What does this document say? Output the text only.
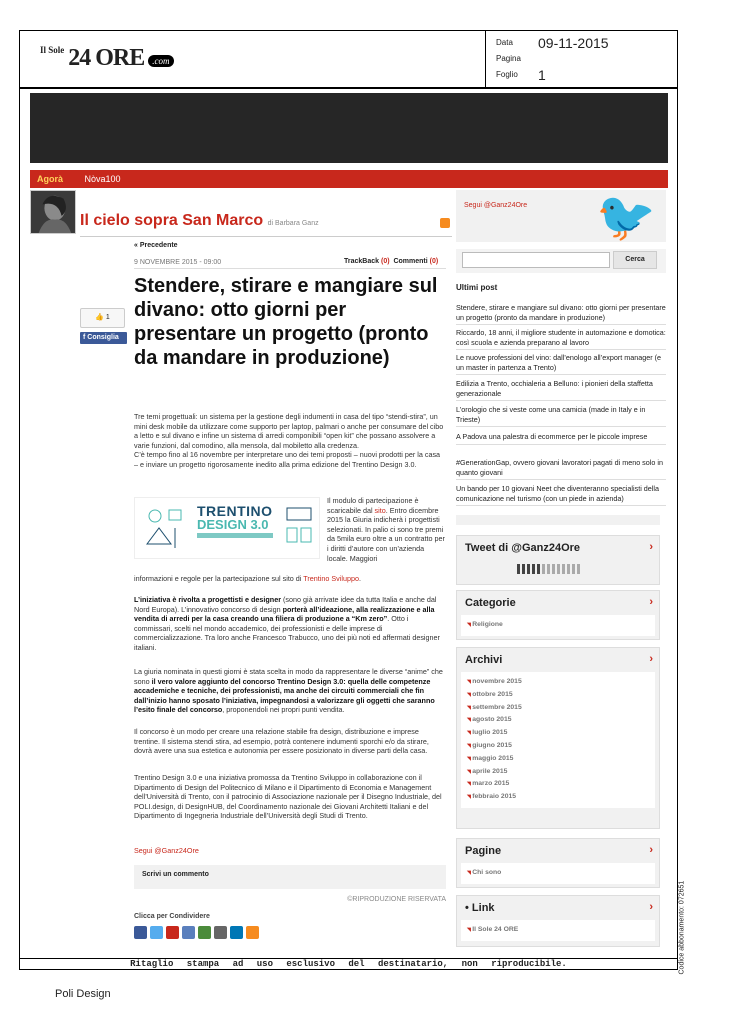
$^{Il Sole}$ 24 ORE .com
Data 09-11-2015
Pagina
Foglio 1
Agorà Nòva100
Il cielo sopra San Marco di Barbara Ganz
« Precedente
9 NOVEMBRE 2015 - 09:00	TrackBack (0) Commenti (0)
👍 1
f Consiglia
Stendere, stirare e mangiare sul divano: otto giorni per presentare un progetto (pronto da mandare in produzione)
Tre temi progettuali: un sistema per la gestione degli indumenti in casa del tipo “stendi-stira”, un mini desk mobile da utilizzare come supporto per laptop, palmari o anche per consumare del cibo a letto e sul divano e infine un sistema di arredi componibili “open kit” che possano assolvere a varie funzioni, dal comodino, alla mensola, dal mobiletto alla credenza.
C’è tempo fino al 16 novembre per interpretare uno dei temi proposti – nuovi prodotti per la casa – e inviare un progetto rigorosamente inedito alla prima edizione del Trentino Design 3.0.
TRENTINO
DESIGN 3.0
Il modulo di partecipazione è scaricabile dal sito. Entro dicembre 2015 la Giuria indicherà i progettisti selezionati. In palio ci sono tre premi da 5mila euro oltre a un contratto per i diritti d’autore con un’azienda locale. Maggiori
informazioni e regole per la partecipazione sul sito di Trentino Sviluppo.
L’iniziativa è rivolta a progettisti e designer (sono già arrivate idee da tutta Italia e anche dal Nord Europa). L’innovativo concorso di design porterà all’ideazione, alla realizzazione e alla vendita di arredi per la casa creando una filiera di produzione a “Km zero”. Otto i commissari, scelti nel mondo accademico, dei professionisti e delle imprese di commercializzazione. Tra loro anche Francesco Trabucco, uno dei più noti ed affermati designer italiani.
La giuria nominata in questi giorni è stata scelta in modo da rappresentare le diverse “anime” che sono il vero valore aggiunto del concorso Trentino Design 3.0: quella delle competenze accademiche e tecniche, dei professionisti, ma anche dei circuiti commerciali che fin dall’inizio hanno sposato l’iniziativa, impegnandosi a valorizzare gli oggetti che saranno l’esito finale del concorso, proponendoli nei propri punti vendita.
Il concorso è un modo per creare una relazione stabile fra design, distribuzione e imprese trentine. Il sistema stendi stira, ad esempio, potrà contenere indumenti sporchi e/o da stirare, dovrà avere una sua estetica e autonomia per essere posizionato in diverse parti della casa.
Trentino Design 3.0 e una iniziativa promossa da Trentino Sviluppo in collaborazione con il Dipartimento di Design del Politecnico di Milano e il Dipartimento di Economia e Management dell’Università di Trento, con il patrocinio di Associazione nazionale per il Disegno Industriale, del POLI.design, di DesignHUB, del Coordinamento nazionale dei Giovani Architetti Italiani e del Dipartimento di Ingegneria Industriale dell’Università degli Studi di Trento.
Segui @Ganz24Ore
Scrivi un commento
©RIPRODUZIONE RISERVATA
Clicca per Condividere
Segui @Ganz24Ore 🐦
Cerca
Ultimi post
Stendere, stirare e mangiare sul divano: otto giorni per presentare un progetto (pronto da mandare in produzione)
Riccardo, 18 anni, il migliore studente in automazione e domotica: così scuola e azienda preparano al lavoro
Le nuove professioni del vino: dall’enologo all’export manager (e un master in partenza a Trento)
Edilizia a Trento, occhialeria a Belluno: i pionieri della staffetta generazionale
L’orologio che si veste come una camicia (made in Italy e in Trieste)
A Padova una palestra di ecommerce per le piccole imprese
#GenerationGap, ovvero giovani lavoratori pagati di meno solo in quanto giovani
Un bando per 10 giovani Neet che diventeranno specialisti della comunicazione nel turismo (con un piede in azienda)
Tweet di @Ganz24Ore	›
Categorie	›
◥ Religione
Archivi	›
◥ novembre 2015
◥ ottobre 2015
◥ settembre 2015
◥ agosto 2015
◥ luglio 2015
◥ giugno 2015
◥ maggio 2015
◥ aprile 2015
◥ marzo 2015
◥ febbraio 2015
Pagine	›
◥ Chi sono
• Link	›
◥ Il Sole 24 ORE
Ritaglio stampa ad uso esclusivo del destinatario, non riproducibile.	Codice abbonamento: 072651
Poli Design
